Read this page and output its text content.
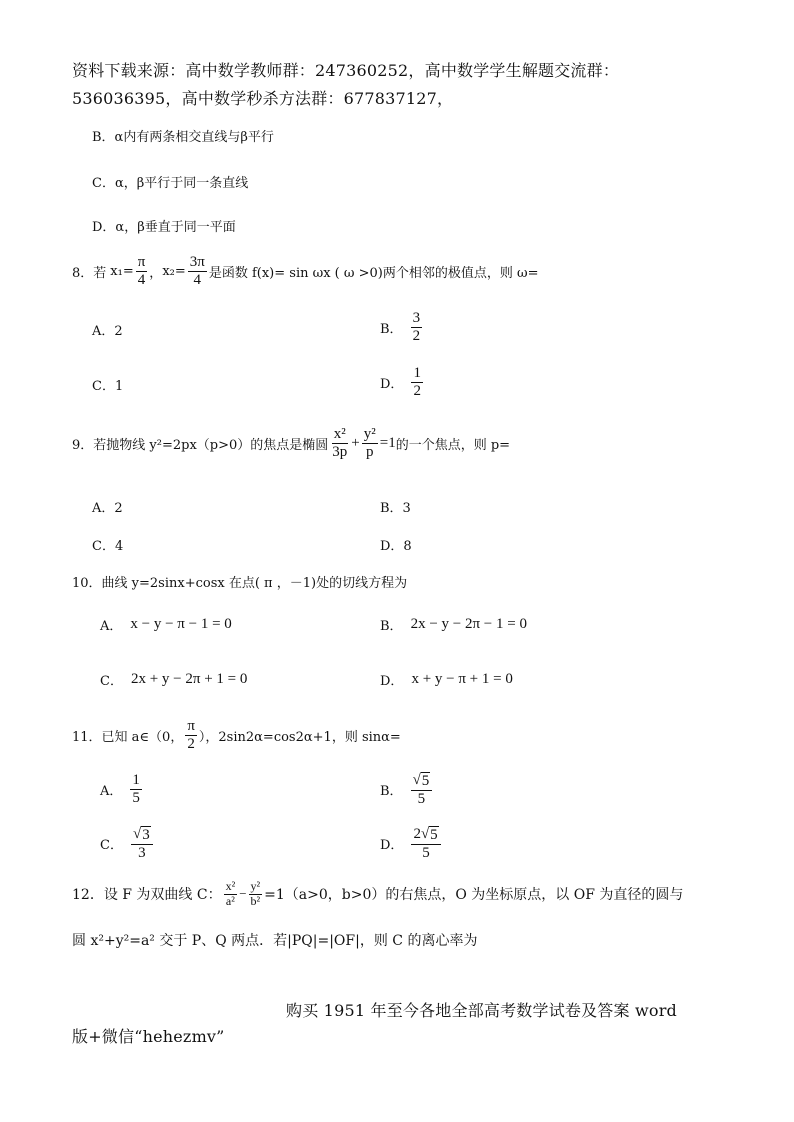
资料下载来源：高中数学教师群：247360252，高中数学学生解题交流群：
536036395，高中数学秒杀方法群：677837127，
B．α内有两条相交直线与β平行
C．α，β平行于同一条直线
D．α，β垂直于同一平面
8．若 $x_1= \frac{\pi}{4}$ ， $x_2= \frac{3\pi}{4}$ 是函数 f(x)= sin ωx ( ω >0)两个相邻的极值点，则 ω=
A．2	B． $\frac{3}{2}$
C．1	D． $\frac{1}{2}$
9．若抛物线 y²=2px（p>0）的焦点是椭圆 $\frac{\text{x²}}{3p} + \frac{\text{y²}}{p} =1$ 的一个焦点，则 p=
A．2	B．3
C．4	D．8
10．曲线 y=2sinx+cosx 在点( π ，－1)处的切线方程为
A． x − y − π − 1 = 0	B． 2x − y − 2π − 1 = 0
C． 2x + y − 2π + 1 = 0	D． x + y − π + 1 = 0
11．已知 a∈（0， $\frac{\pi}{2}$ ），2sin2α=cos2α+1，则 sinα=
A． $\frac{1}{5}$	B． $\frac{√ 5}{5}$
C． $\frac{√ 3}{3}$	D． $\frac{2 √ 5}{5}$
12．设 F 为双曲线 C： $\frac{\text{x²}}{\text{a²}} - \frac{\text{y²}}{\text{b²}} =1(a>0$，b>0）的右焦点，O 为坐标原点，以 OF 为直径的圆与
圆 x²+y²=a² 交于 P、Q 两点．若|PQ|=|OF|，则 C 的离心率为
购买 1951 年至今各地全部高考数学试卷及答案 word
版+微信“hehezmv”
